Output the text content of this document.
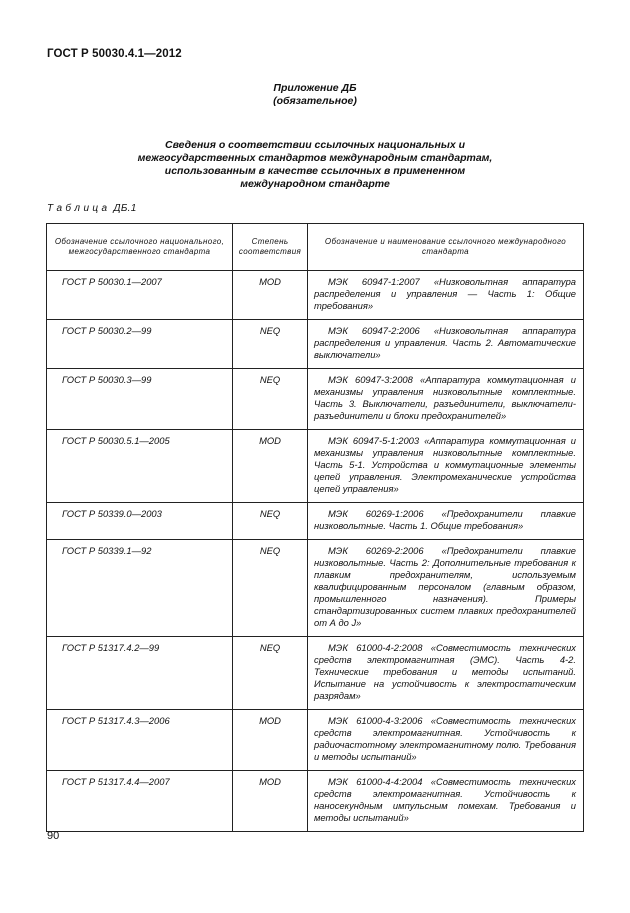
ГОСТ Р 50030.4.1—2012
Приложение ДБ
(обязательное)
Сведения о соответствии ссылочных национальных и
межгосударственных стандартов международным стандартам,
использованным в качестве ссылочных в примененном
международном стандарте
Т а б л и ц а  ДБ.1
Обозначение ссылочного национального, межгосударственного стандарта	Степень соответствия	Обозначение и наименование ссылочного международного стандарта
ГОСТ Р 50030.1—2007	MOD	МЭК 60947-1:2007 «Низковольтная аппаратура распределения и управления — Часть 1: Общие требования»
ГОСТ Р 50030.2—99	NEQ	МЭК 60947-2:2006 «Низковольтная аппаратура распределения и управления. Часть 2. Автоматические выключатели»
ГОСТ Р 50030.3—99	NEQ	МЭК 60947-3:2008 «Аппаратура коммутационная и механизмы управления низковольтные комплектные. Часть 3. Выключатели, разъединители, выключатели-разъединители и блоки предохранителей»
ГОСТ Р 50030.5.1—2005	MOD	МЭК 60947-5-1:2003 «Аппаратура коммутационная и механизмы управления низковольтные комплектные. Часть 5-1. Устройства и коммутационные элементы цепей управления. Электромеханические устройства цепей управления»
ГОСТ Р 50339.0—2003	NEQ	МЭК 60269-1:2006 «Предохранители плавкие низковольтные. Часть 1. Общие требования»
ГОСТ Р 50339.1—92	NEQ	МЭК 60269-2:2006 «Предохранители плавкие низковольтные. Часть 2: Дополнительные требования к плавким предохранителям, используемым квалифицированным персоналом (главным образом, промышленного назначения). Примеры стандартизированных систем плавких предохранителей от А до J»
ГОСТ Р 51317.4.2—99	NEQ	МЭК 61000-4-2:2008 «Совместимость технических средств электромагнитная (ЭМС). Часть 4-2. Технические требования и методы испытаний. Испытание на устойчивость к электростатическим разрядам»
ГОСТ Р 51317.4.3—2006	MOD	МЭК 61000-4-3:2006 «Совместимость технических средств электромагнитная. Устойчивость к радиочастотному электромагнитному полю. Требования и методы испытаний»
ГОСТ Р 51317.4.4—2007	MOD	МЭК 61000-4-4:2004 «Совместимость технических средств электромагнитная. Устойчивость к наносекундным импульсным помехам. Требования и методы испытаний»
90
